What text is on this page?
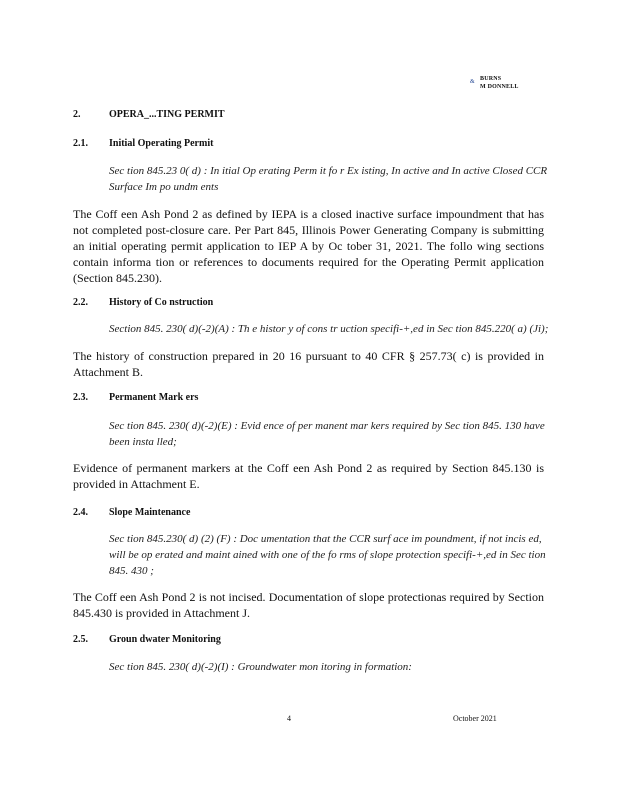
& BURNS
M DONNELL
2.	OPERA_...TING PERMIT
2.1. Initial Operating Permit
Sec tion 845.23 0( d) : In itial Op erating Perm it fo r Ex isting, In active and In active Closed CCR Surface Im po undm ents
The Coff een Ash Pond 2 as defined by IEPA is a closed inactive surface impoundment that has not completed post-closure care. Per Part 845, Illinois Power Generating Company is submitting an initial operating permit application to IEP A by Oc tober 31, 2021. The follo wing sections contain informa tion or references to documents required for the Operating Permit application (Section 845.230).
2.2. History of Co nstruction
Section 845. 230( d)(-2)(A) : Th e histor y of cons tr uction specifi-+,ed in Sec tion 845.220( a) (Ji);
The history of construction prepared in 20 16 pursuant to 40 CFR § 257.73( c) is provided in Attachment B.
2.3. Permanent Mark ers
Sec tion 845. 230( d)(-2)(E) : Evid ence of per manent mar kers required by Sec tion 845. 130 have been insta lled;
Evidence of permanent markers at the Coff een Ash Pond 2 as required by Section 845.130 is provided in Attachment E.
2.4. Slope Maintenance
Sec tion 845.230( d) (2) (F) : Doc umentation that the CCR surf ace im poundment, if not incis ed, will be op erated and maint ained with one of the fo rms of slope protection specifi-+,ed in Sec tion 845. 430 ;
The Coff een Ash Pond 2 is not incised. Documentation of slope protectionas required by Section 845.430 is provided in Attachment J.
2.5. Groun dwater Monitoring
Sec tion 845. 230( d)(-2)(I) : Groundwater mon itoring in formation:
4	October 2021
